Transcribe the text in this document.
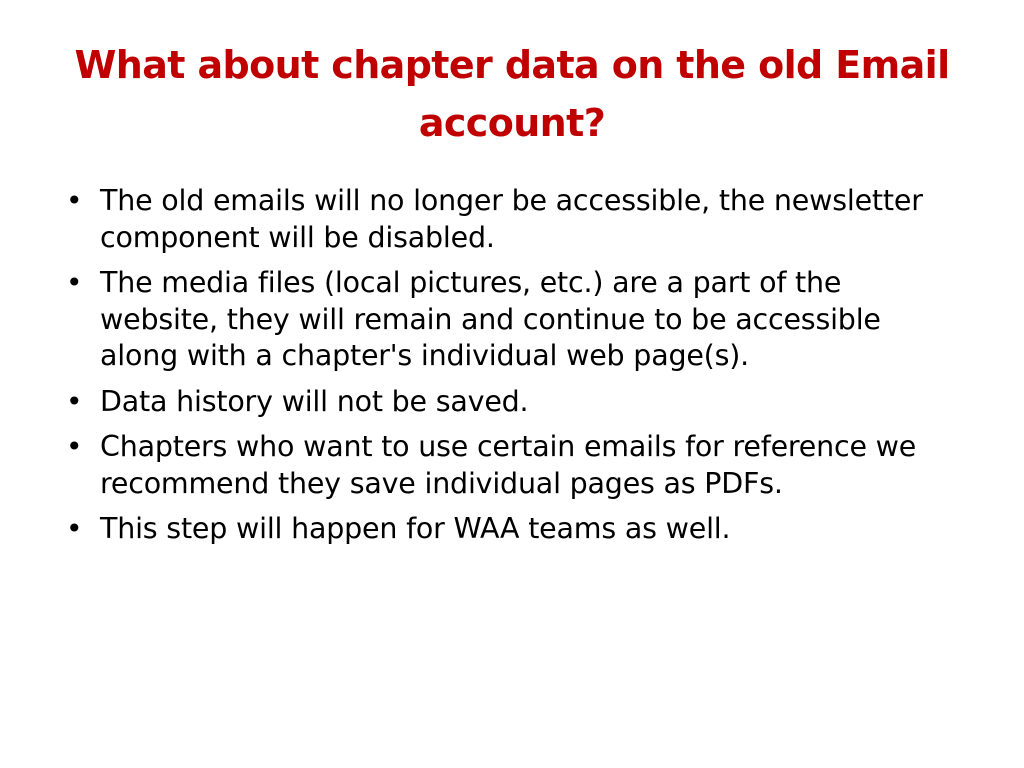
What about chapter data on the old Email account?
• The old emails will no longer be accessible, the newsletter component will be disabled.
• The media files (local pictures, etc.) are a part of the website, they will remain and continue to be accessible along with a chapter's individual web page(s).
• Data history will not be saved.
• Chapters who want to use certain emails for reference we recommend they save individual pages as PDFs.
• This step will happen for WAA teams as well.
